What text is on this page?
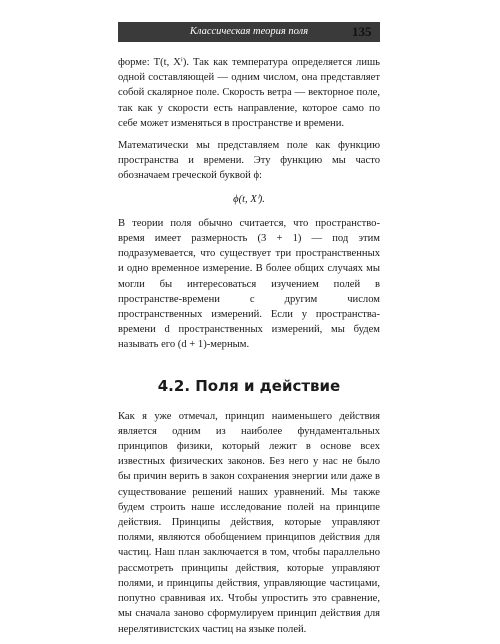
Классическая теория поля	135

форме: T(t, Xⁱ). Так как температура определяется лишь одной составляющей — одним числом, она представляет собой скалярное поле. Скорость ветра — векторное поле, так как у скорости есть направление, которое само по себе может изменяться в пространстве и времени.

Математически мы представляем поле как функцию пространства и времени. Эту функцию мы часто обозначаем греческой буквой ϕ:

ϕ(t, Xⁱ).

В теории поля обычно считается, что пространство-время имеет размерность (3 + 1) — под этим подразумевается, что существует три пространственных и одно временное измерение. В более общих случаях мы могли бы интересоваться изучением полей в пространстве-времени с другим числом пространственных измерений. Если у пространства-времени d пространственных измерений, мы будем называть его (d + 1)-мерным.

4.2. Поля и действие

Как я уже отмечал, принцип наименьшего действия является одним из наиболее фундаментальных принципов физики, который лежит в основе всех известных физических законов. Без него у нас не было бы причин верить в закон сохранения энергии или даже в существование решений наших уравнений. Мы также будем строить наше исследование полей на принципе действия. Принципы действия, которые управляют полями, являются обобщением принципов действия для частиц. Наш план заключается в том, чтобы параллельно рассмотреть принципы действия, которые управляют полями, и принципы действия, управляющие частицами, попутно сравнивая их. Чтобы упростить это сравнение, мы сначала заново сформулируем принцип действия для нерелятивистских частиц на языке полей.
